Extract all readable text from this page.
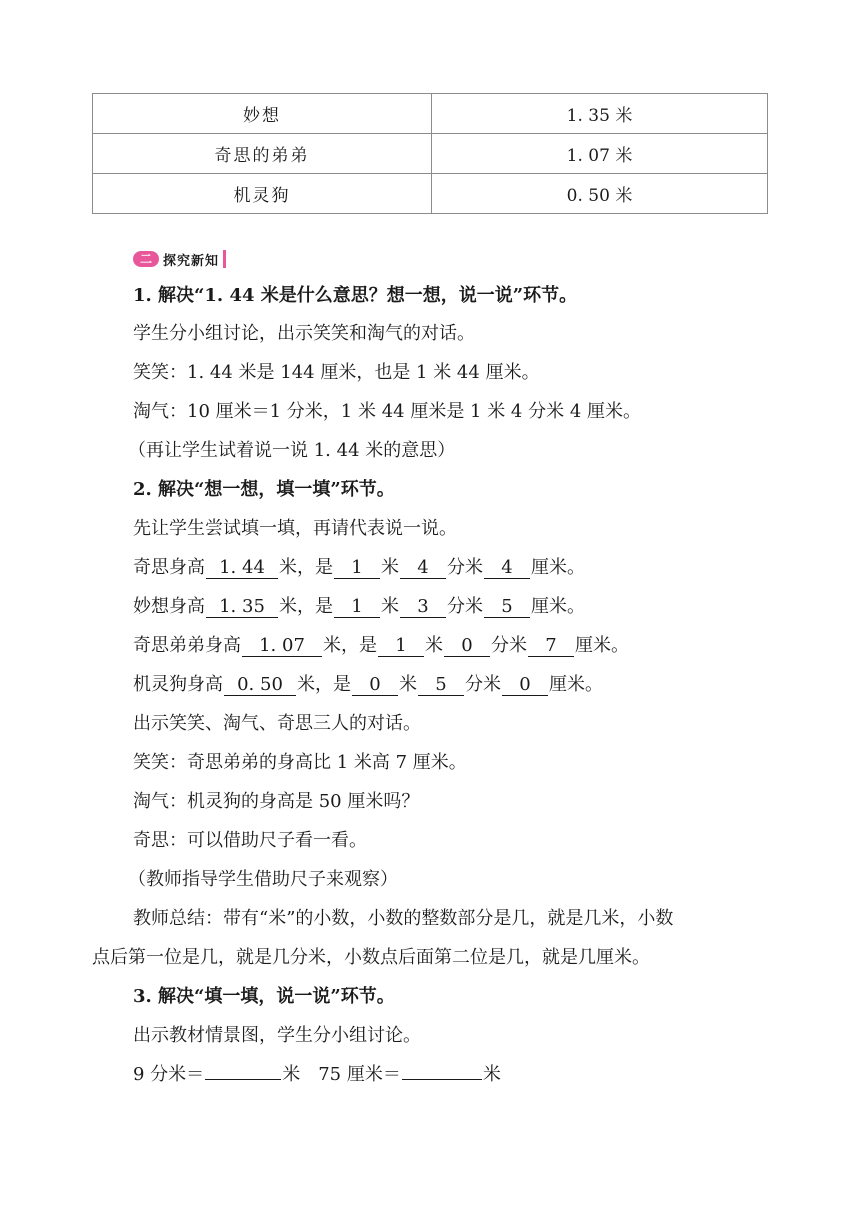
妙想	1. 35 米
奇思的弟弟	1. 07 米
机灵狗	0. 50 米
二 探究新知
1. 解决“1. 44 米是什么意思？想一想，说一说”环节。
学生分小组讨论，出示笑笑和淘气的对话。
笑笑：1. 44 米是 144 厘米，也是 1 米 44 厘米。
淘气：10 厘米＝1 分米，1 米 44 厘米是 1 米 4 分米 4 厘米。
（再让学生试着说一说 1. 44 米的意思）
2. 解决“想一想，填一填”环节。
先让学生尝试填一填，再请代表说一说。
奇思身高 1. 44 米，是 1 米 4 分米 4 厘米。
妙想身高 1. 35 米，是 1 米 3 分米 5 厘米。
奇思弟弟身高 1. 07 米，是 1 米 0 分米 7 厘米。
机灵狗身高 0. 50 米，是 0 米 5 分米 0 厘米。
出示笑笑、淘气、奇思三人的对话。
笑笑：奇思弟弟的身高比 1 米高 7 厘米。
淘气：机灵狗的身高是 50 厘米吗？
奇思：可以借助尺子看一看。
（教师指导学生借助尺子来观察）
教师总结：带有“米”的小数，小数的整数部分是几，就是几米，小数
点后第一位是几，就是几分米，小数点后面第二位是几，就是几厘米。
3. 解决“填一填，说一说”环节。
出示教材情景图，学生分小组讨论。
9 分米＝	米 75 厘米＝	米
